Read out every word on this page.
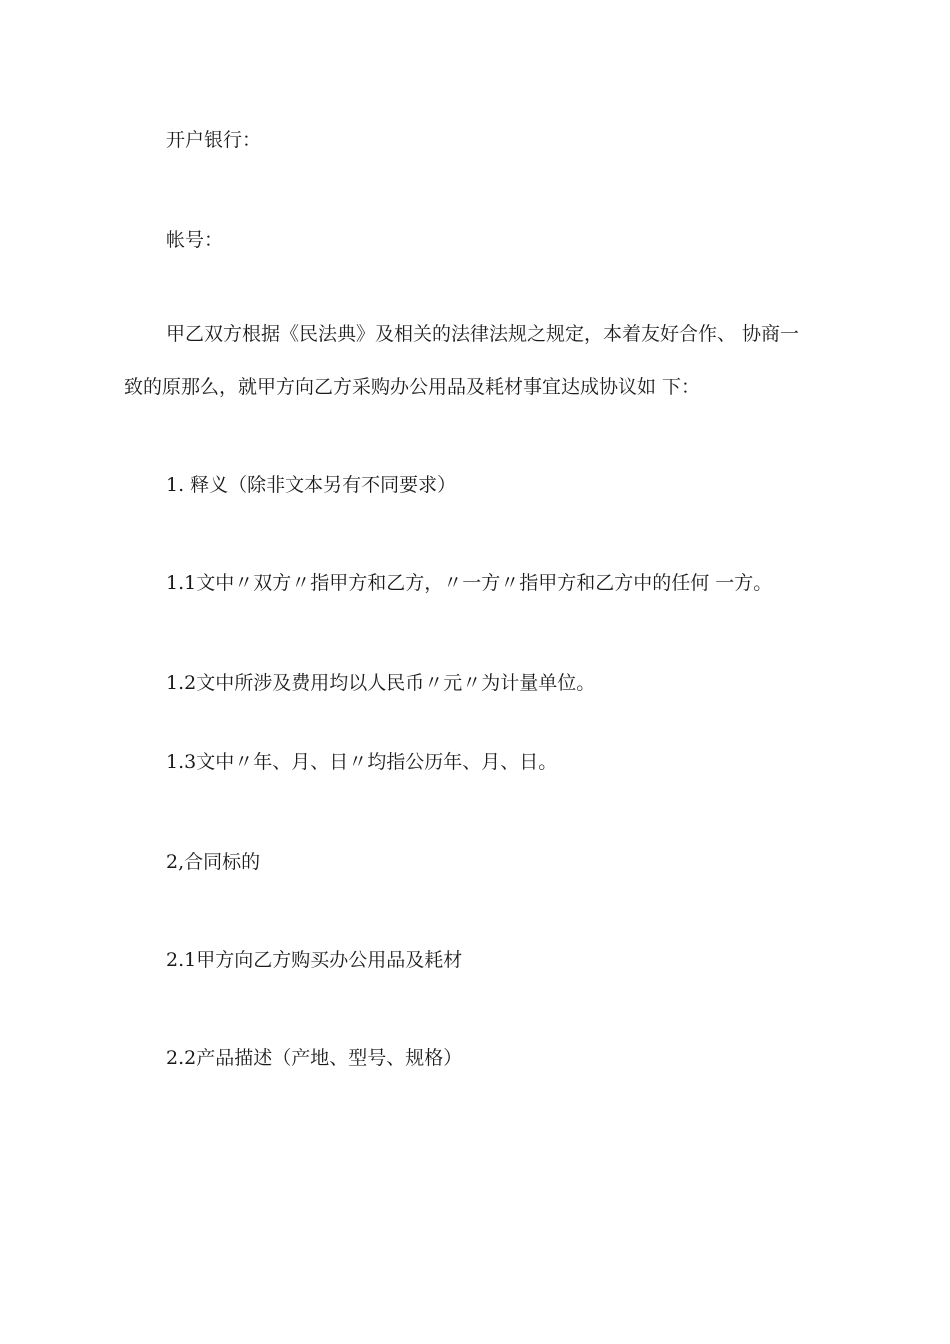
开户银行：
帐号：
甲乙双方根据《民法典》及相关的法律法规之规定，本着友好合作、 协商一
致的原那么，就甲方向乙方采购办公用品及耗材事宜达成协议如 下：
1. 释义（除非文本另有不同要求）
1.1文中〃双方〃指甲方和乙方，〃一方〃指甲方和乙方中的任何 一方。
1.2文中所涉及费用均以人民币〃元〃为计量单位。
1.3文中〃年、月、日〃均指公历年、月、日。
2,合同标的
2.1甲方向乙方购买办公用品及耗材
2.2产品描述（产地、型号、规格）
